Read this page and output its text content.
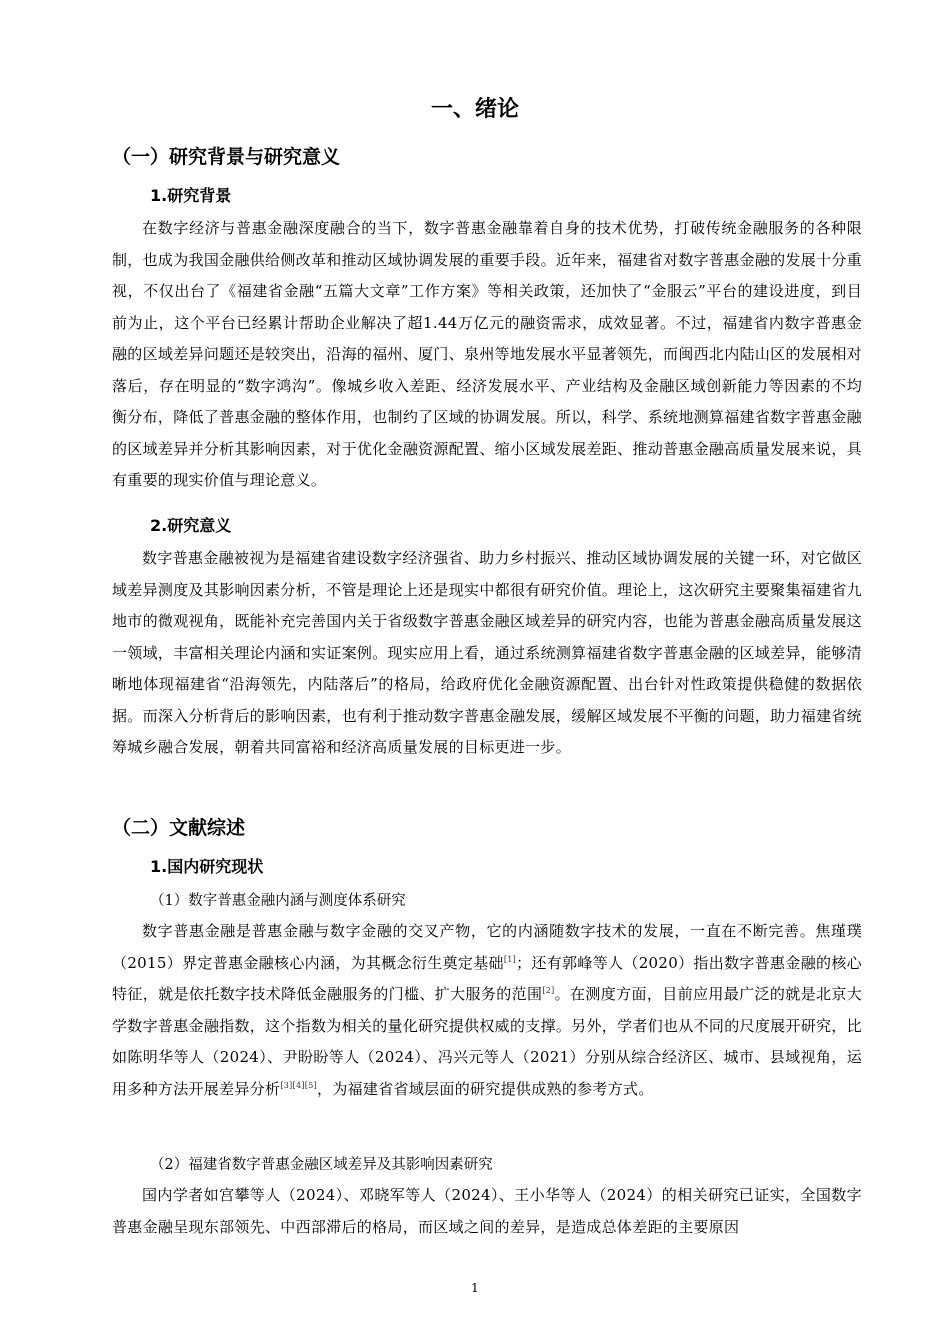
一、绪论
（一）研究背景与研究意义
1.研究背景

在数字经济与普惠金融深度融合的当下，数字普惠金融靠着自身的技术优势，打破传统金融服务的各种限制，也成为我国金融供给侧改革和推动区域协调发展的重要手段。近年来，福建省对数字普惠金融的发展十分重视，不仅出台了《福建省金融“五篇大文章”工作方案》等相关政策，还加快了“金服云”平台的建设进度，到目前为止，这个平台已经累计帮助企业解决了超1.44万亿元的融资需求，成效显著。不过，福建省内数字普惠金融的区域差异问题还是较突出，沿海的福州、厦门、泉州等地发展水平显著领先，而闽西北内陆山区的发展相对落后，存在明显的“数字鸿沟”。像城乡收入差距、经济发展水平、产业结构及金融区域创新能力等因素的不均衡分布，降低了普惠金融的整体作用，也制约了区域的协调发展。所以，科学、系统地测算福建省数字普惠金融的区域差异并分析其影响因素，对于优化金融资源配置、缩小区域发展差距、推动普惠金融高质量发展来说，具有重要的现实价值与理论意义。

2.研究意义

数字普惠金融被视为是福建省建设数字经济强省、助力乡村振兴、推动区域协调发展的关键一环，对它做区域差异测度及其影响因素分析，不管是理论上还是现实中都很有研究价值。理论上，这次研究主要聚集福建省九地市的微观视角，既能补充完善国内关于省级数字普惠金融区域差异的研究内容，也能为普惠金融高质量发展这一领域，丰富相关理论内涵和实证案例。现实应用上看，通过系统测算福建省数字普惠金融的区域差异，能够清晰地体现福建省“沿海领先，内陆落后”的格局，给政府优化金融资源配置、出台针对性政策提供稳健的数据依据。而深入分析背后的影响因素，也有利于推动数字普惠金融发展，缓解区域发展不平衡的问题，助力福建省统筹城乡融合发展，朝着共同富裕和经济高质量发展的目标更进一步。

（二）文献综述
1.国内研究现状
（1）数字普惠金融内涵与测度体系研究

数字普惠金融是普惠金融与数字金融的交叉产物，它的内涵随数字技术的发展，一直在不断完善。焦瑾璞（2015）界定普惠金融核心内涵，为其概念衍生奠定基础[1]；还有郭峰等人（2020）指出数字普惠金融的核心特征，就是依托数字技术降低金融服务的门槛、扩大服务的范围[2]。在测度方面，目前应用最广泛的就是北京大学数字普惠金融指数，这个指数为相关的量化研究提供权威的支撑。另外，学者们也从不同的尺度展开研究，比如陈明华等人（2024）、尹盼盼等人（2024）、冯兴元等人（2021）分别从综合经济区、城市、县域视角，运用多种方法开展差异分析[3][4][5]，为福建省省域层面的研究提供成熟的参考方式。

（2）福建省数字普惠金融区域差异及其影响因素研究

国内学者如宫攀等人（2024）、邓晓军等人（2024）、王小华等人（2024）的相关研究已证实，全国数字普惠金融呈现东部领先、中西部滞后的格局，而区域之间的差异，是造成总体差距的主要原因

1
